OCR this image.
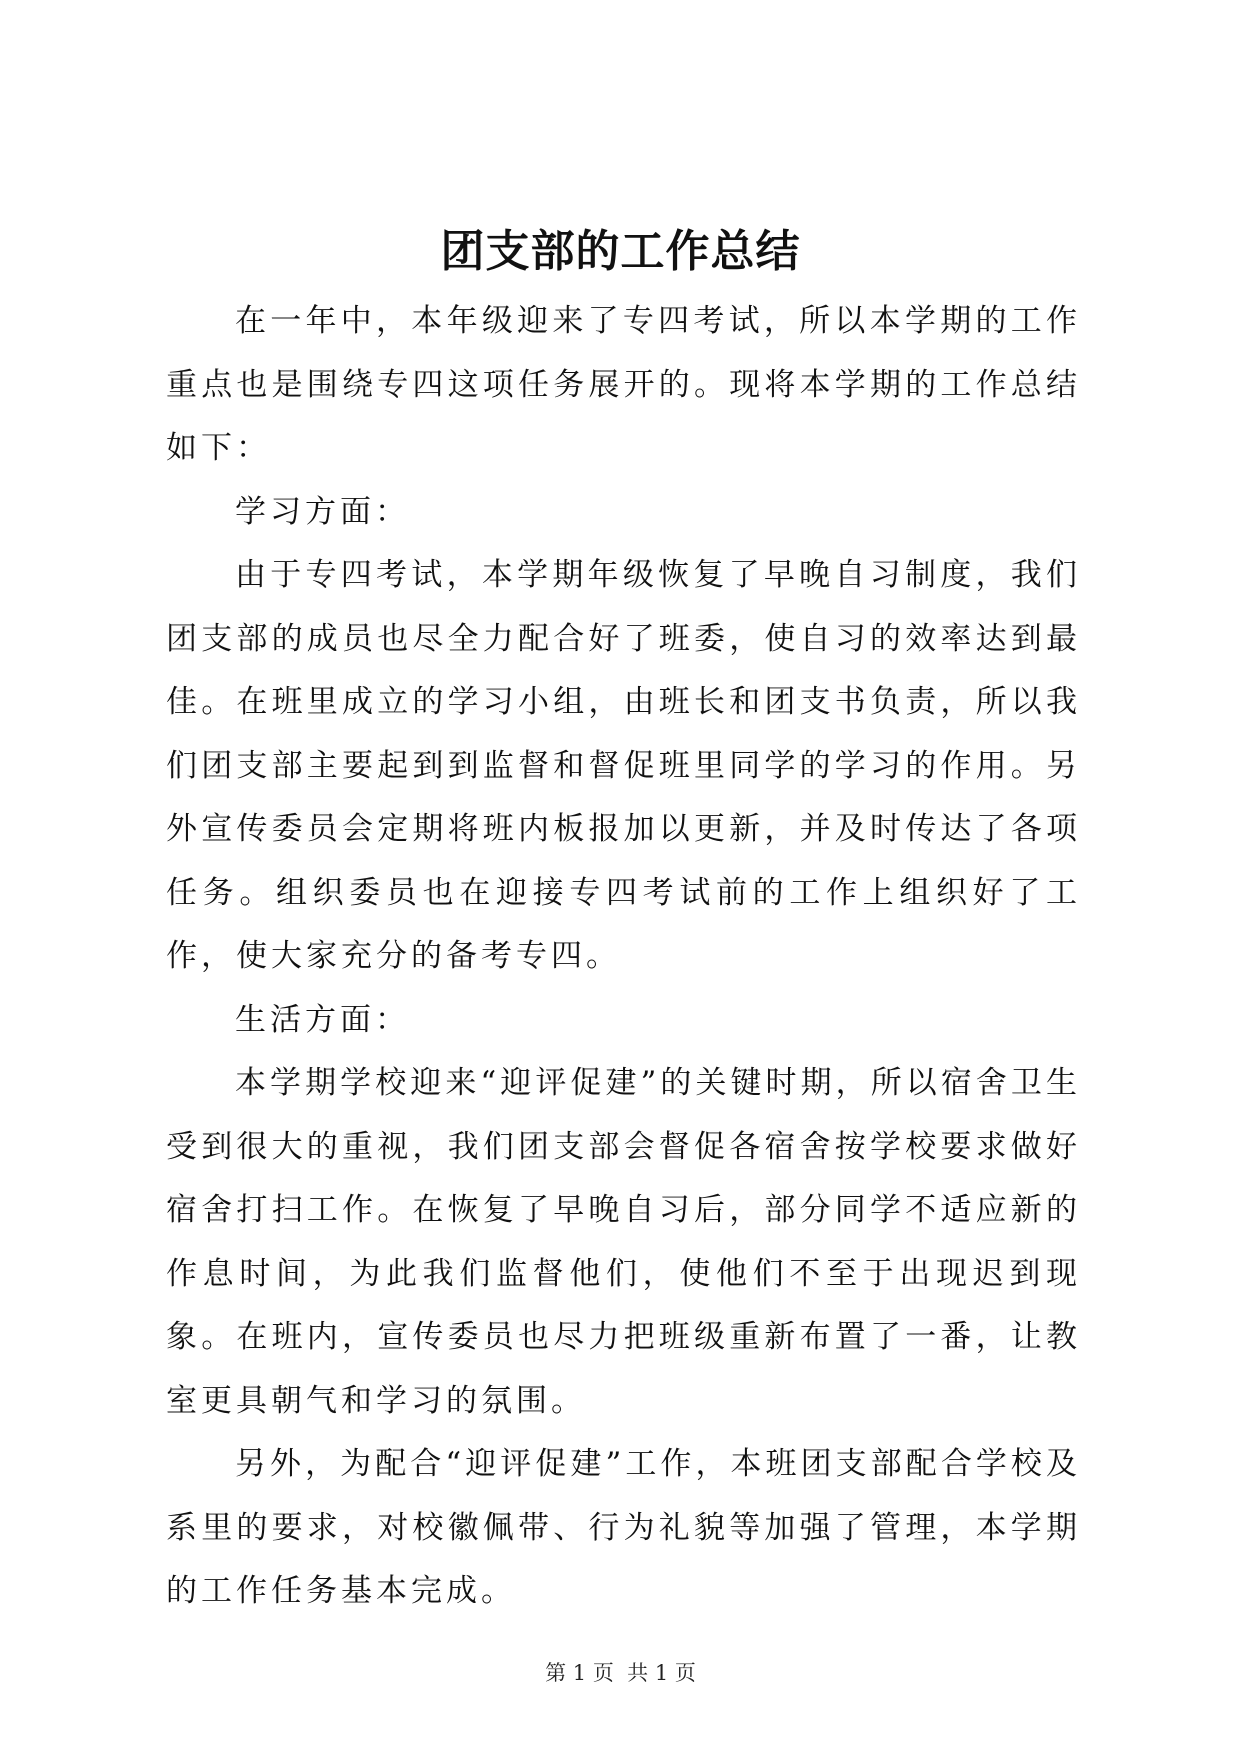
团支部的工作总结

在一年中，本年级迎来了专四考试，所以本学期的工作重点也是围绕专四这项任务展开的。现将本学期的工作总结如下：

学习方面：

由于专四考试，本学期年级恢复了早晚自习制度，我们团支部的成员也尽全力配合好了班委，使自习的效率达到最佳。在班里成立的学习小组，由班长和团支书负责，所以我们团支部主要起到到监督和督促班里同学的学习的作用。另外宣传委员会定期将班内板报加以更新，并及时传达了各项任务。组织委员也在迎接专四考试前的工作上组织好了工作，使大家充分的备考专四。

生活方面：

本学期学校迎来“迎评促建”的关键时期，所以宿舍卫生受到很大的重视，我们团支部会督促各宿舍按学校要求做好宿舍打扫工作。在恢复了早晚自习后，部分同学不适应新的作息时间，为此我们监督他们，使他们不至于出现迟到现象。在班内，宣传委员也尽力把班级重新布置了一番，让教室更具朝气和学习的氛围。

另外，为配合“迎评促建”工作，本班团支部配合学校及系里的要求，对校徽佩带、行为礼貌等加强了管理，本学期的工作任务基本完成。

第 1 页  共 1 页
